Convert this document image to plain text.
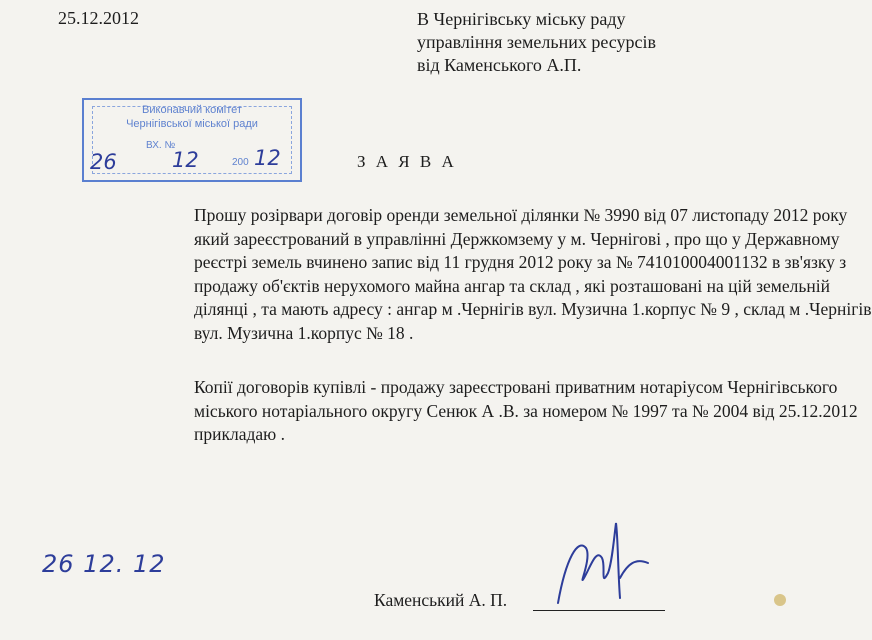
25.12.2012	В Чернігівську міську раду
управління земельних ресурсів
від Каменського А.П.
Виконавчий комітет
Чернігівської міської ради
ВХ. №
200
26	12	12	З А Я В А
Прошу розірвари договір оренди земельної ділянки № 3990 від 07 листопаду 2012 року
який зареєстрований в управлінні Держкомзему у м. Чернігові , про що у Державному
реєстрі земель вчинено запис від 11 грудня 2012 року за № 741010004001132 в зв'язку з
продажу об'єктів нерухомого майна ангар та склад , які розташовані на цій земельній
ділянці , та мають адресу : ангар м .Чернігів вул. Музична 1.корпус № 9 , склад м .Чернігів
вул. Музична 1.корпус № 18 .
Копії договорів купівлі - продажу зареєстровані приватним нотаріусом Чернігівського
міського нотаріального округу Сенюк А .В. за номером № 1997 та № 2004 від 25.12.2012
прикладаю .
26 12. 12
Каменський А. П.
